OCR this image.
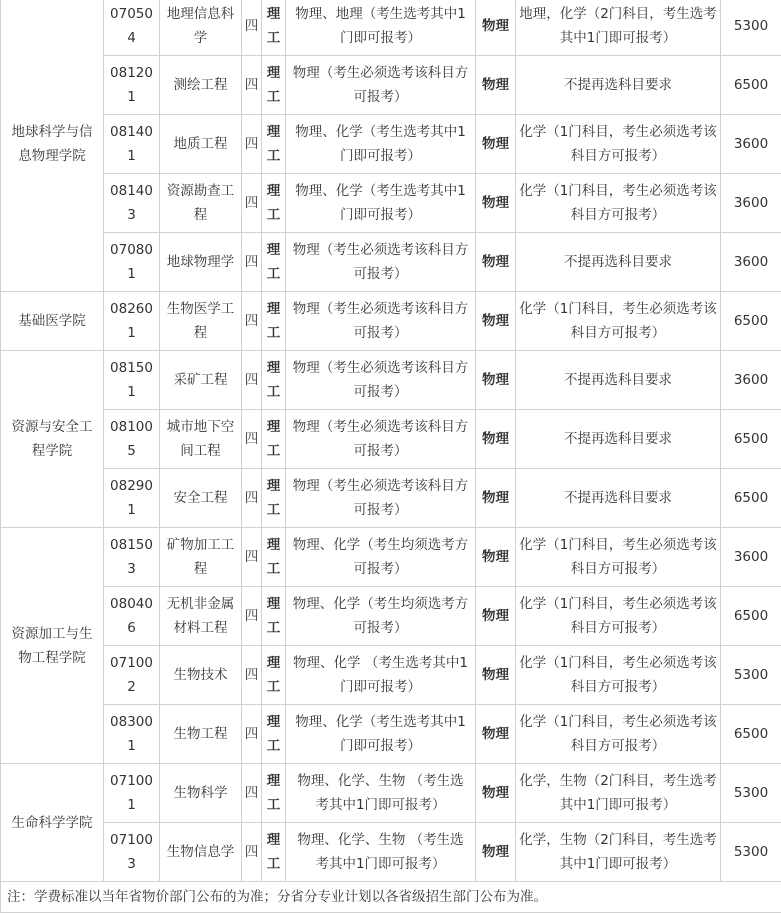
地球科学与信息物理学院	070504	地理信息科学	四	理工	物理、地理（考生选考其中1门即可报考）	物理	地理，化学（2门科目，考生选考其中1门即可报考）	5300
	081201	测绘工程	四	理工	物理（考生必须选考该科目方可报考）	物理	不提再选科目要求	6500
	081401	地质工程	四	理工	物理、化学（考生选考其中1门即可报考）	物理	化学（1门科目，考生必须选考该科目方可报考）	3600
	081403	资源勘查工程	四	理工	物理、化学（考生选考其中1门即可报考）	物理	化学（1门科目，考生必须选考该科目方可报考）	3600
	070801	地球物理学	四	理工	物理（考生必须选考该科目方可报考）	物理	不提再选科目要求	3600
基础医学院	082601	生物医学工程	四	理工	物理（考生必须选考该科目方可报考）	物理	化学（1门科目，考生必须选考该科目方可报考）	6500
资源与安全工程学院	081501	采矿工程	四	理工	物理（考生必须选考该科目方可报考）	物理	不提再选科目要求	3600
	081005	城市地下空间工程	四	理工	物理（考生必须选考该科目方可报考）	物理	不提再选科目要求	6500
	082901	安全工程	四	理工	物理（考生必须选考该科目方可报考）	物理	不提再选科目要求	6500
资源加工与生物工程学院	081503	矿物加工工程	四	理工	物理、化学（考生均须选考方可报考）	物理	化学（1门科目，考生必须选考该科目方可报考）	3600
	080406	无机非金属材料工程	四	理工	物理、化学（考生均须选考方可报考）	物理	化学（1门科目，考生必须选考该科目方可报考）	6500
	071002	生物技术	四	理工	物理、化学 （考生选考其中1门即可报考）	物理	化学（1门科目，考生必须选考该科目方可报考）	5300
	083001	生物工程	四	理工	物理、化学（考生选考其中1门即可报考）	物理	化学（1门科目，考生必须选考该科目方可报考）	6500
生命科学学院	071001	生物科学	四	理工	物理、化学、生物 （考生选考其中1门即可报考）	物理	化学，生物（2门科目，考生选考其中1门即可报考）	5300
	071003	生物信息学	四	理工	物理、化学、生物 （考生选考其中1门即可报考）	物理	化学，生物（2门科目，考生选考其中1门即可报考）	5300
注：学费标准以当年省物价部门公布的为准；分省分专业计划以各省级招生部门公布为准。								
